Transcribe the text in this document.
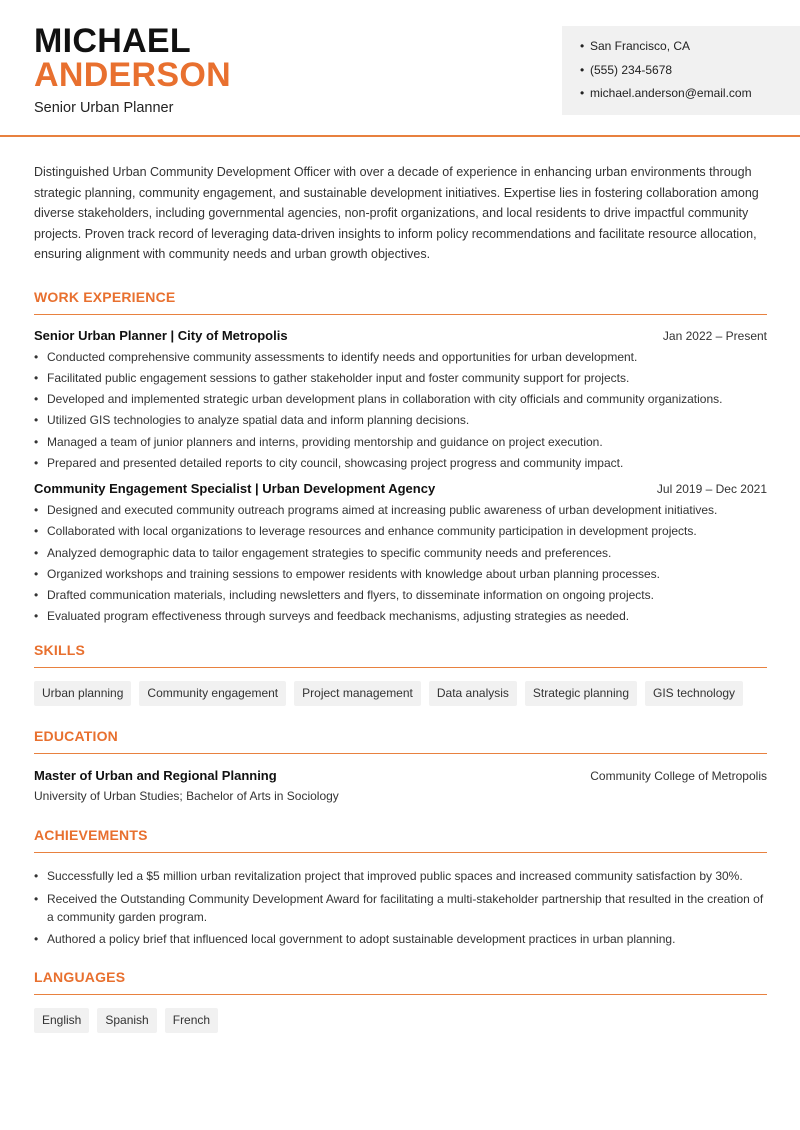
MICHAEL
ANDERSON
Senior Urban Planner
• San Francisco, CA
• (555) 234-5678
• michael.anderson@email.com

Distinguished Urban Community Development Officer with over a decade of experience in enhancing urban environments through strategic planning, community engagement, and sustainable development initiatives. Expertise lies in fostering collaboration among diverse stakeholders, including governmental agencies, non-profit organizations, and local residents to drive impactful community projects. Proven track record of leveraging data-driven insights to inform policy recommendations and facilitate resource allocation, ensuring alignment with community needs and urban growth objectives.

WORK EXPERIENCE
Senior Urban Planner | City of Metropolis	Jan 2022 – Present
• Conducted comprehensive community assessments to identify needs and opportunities for urban development.
• Facilitated public engagement sessions to gather stakeholder input and foster community support for projects.
• Developed and implemented strategic urban development plans in collaboration with city officials and community organizations.
• Utilized GIS technologies to analyze spatial data and inform planning decisions.
• Managed a team of junior planners and interns, providing mentorship and guidance on project execution.
• Prepared and presented detailed reports to city council, showcasing project progress and community impact.
Community Engagement Specialist | Urban Development Agency	Jul 2019 – Dec 2021
• Designed and executed community outreach programs aimed at increasing public awareness of urban development initiatives.
• Collaborated with local organizations to leverage resources and enhance community participation in development projects.
• Analyzed demographic data to tailor engagement strategies to specific community needs and preferences.
• Organized workshops and training sessions to empower residents with knowledge about urban planning processes.
• Drafted communication materials, including newsletters and flyers, to disseminate information on ongoing projects.
• Evaluated program effectiveness through surveys and feedback mechanisms, adjusting strategies as needed.
SKILLS
Urban planning	Community engagement	Project management	Data analysis	Strategic planning	GIS technology
EDUCATION
Master of Urban and Regional Planning	Community College of Metropolis
University of Urban Studies; Bachelor of Arts in Sociology
ACHIEVEMENTS
• Successfully led a $5 million urban revitalization project that improved public spaces and increased community satisfaction by 30%.
• Received the Outstanding Community Development Award for facilitating a multi-stakeholder partnership that resulted in the creation of a community garden program.
• Authored a policy brief that influenced local government to adopt sustainable development practices in urban planning.
LANGUAGES
English	Spanish	French
